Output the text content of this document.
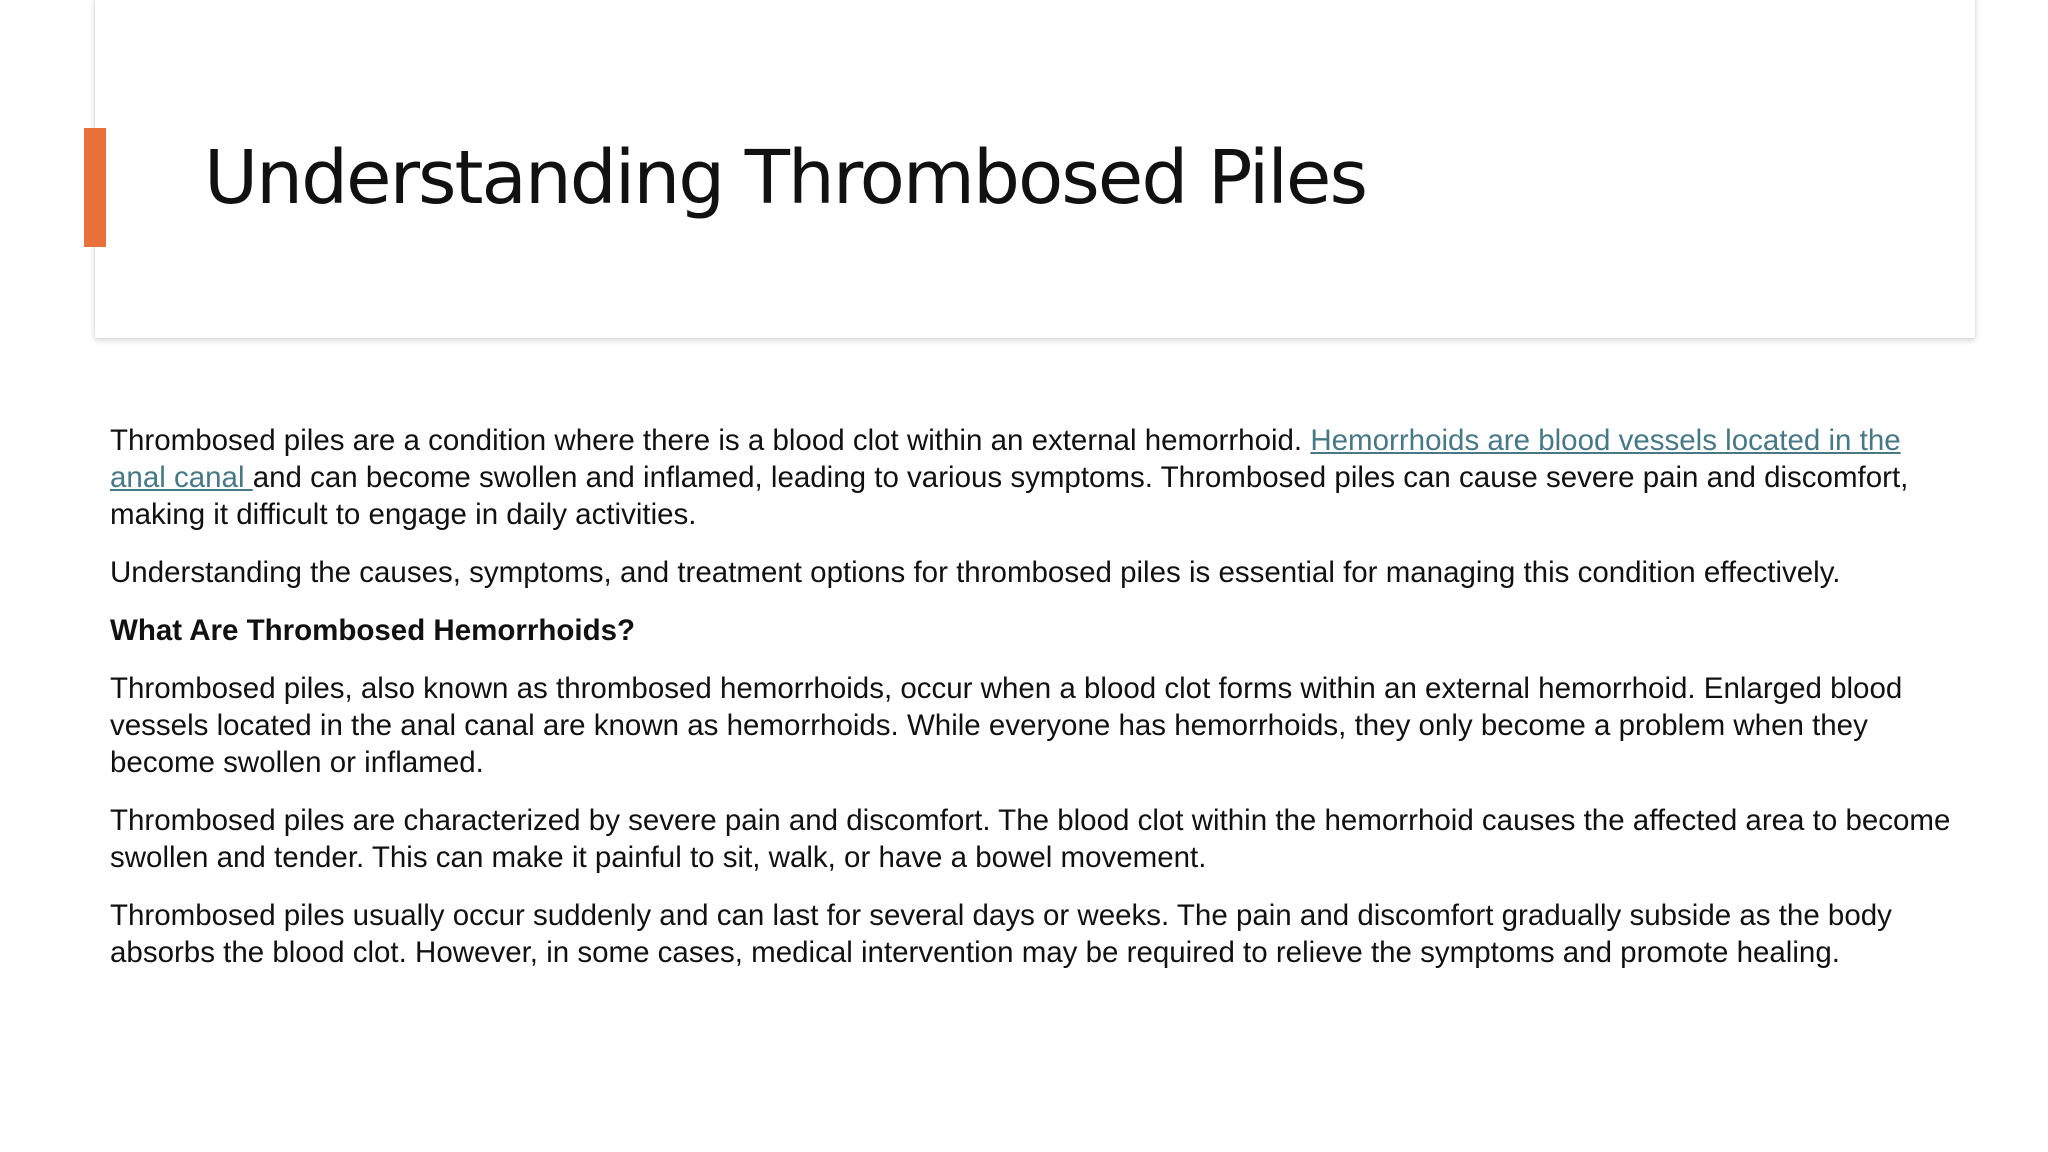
Understanding Thrombosed Piles

Thrombosed piles are a condition where there is a blood clot within an external hemorrhoid. Hemorrhoids are blood vessels located in the anal canal and can become swollen and inflamed, leading to various symptoms. Thrombosed piles can cause severe pain and discomfort, making it difficult to engage in daily activities.

Understanding the causes, symptoms, and treatment options for thrombosed piles is essential for managing this condition effectively.

What Are Thrombosed Hemorrhoids?

Thrombosed piles, also known as thrombosed hemorrhoids, occur when a blood clot forms within an external hemorrhoid. Enlarged blood vessels located in the anal canal are known as hemorrhoids. While everyone has hemorrhoids, they only become a problem when they become swollen or inflamed.

Thrombosed piles are characterized by severe pain and discomfort. The blood clot within the hemorrhoid causes the affected area to become swollen and tender. This can make it painful to sit, walk, or have a bowel movement.

Thrombosed piles usually occur suddenly and can last for several days or weeks. The pain and discomfort gradually subside as the body absorbs the blood clot. However, in some cases, medical intervention may be required to relieve the symptoms and promote healing.
